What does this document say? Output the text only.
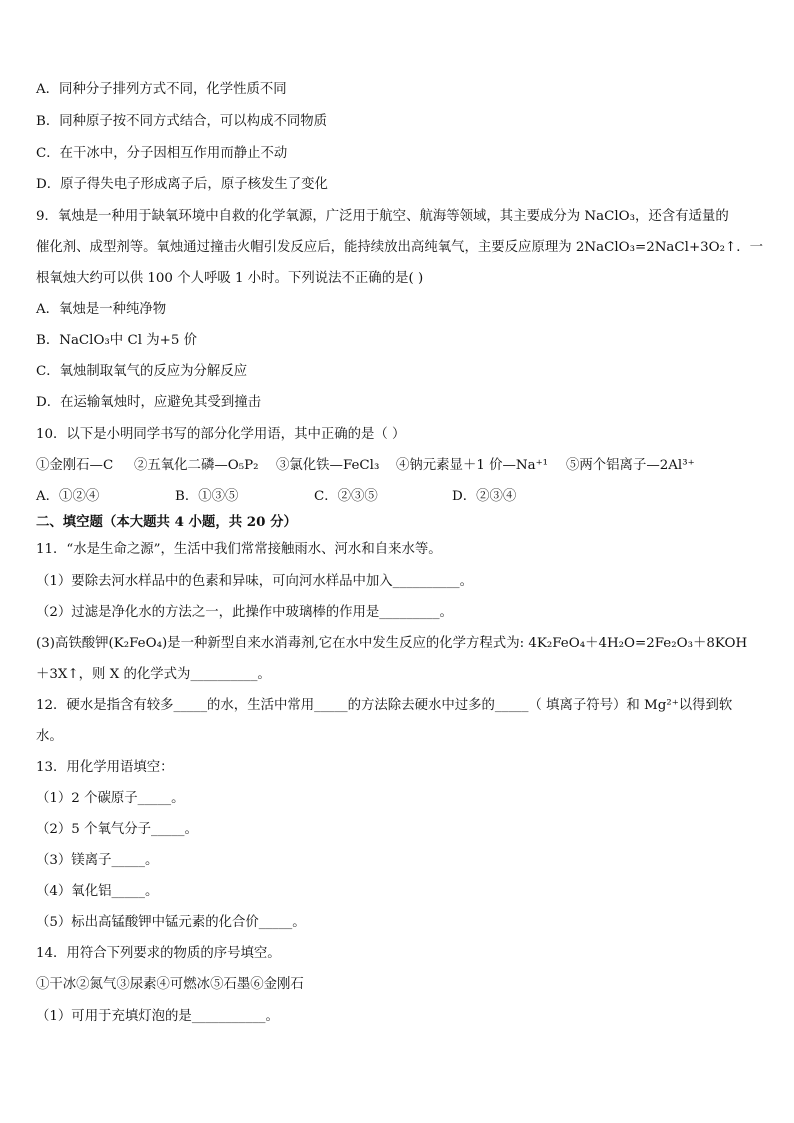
A．同种分子排列方式不同，化学性质不同
B．同种原子按不同方式结合，可以构成不同物质
C．在干冰中，分子因相互作用而静止不动
D．原子得失电子形成离子后，原子核发生了变化
9．氧烛是一种用于缺氧环境中自救的化学氧源，广泛用于航空、航海等领域，其主要成分为 NaClO₃，还含有适量的
催化剂、成型剂等。氧烛通过撞击火帽引发反应后，能持续放出高纯氧气，主要反应原理为 2NaClO₃=2NaCl+3O₂↑．一
根氧烛大约可以供 100 个人呼吸 1 小时。下列说法不正确的是( )
A．氧烛是一种纯净物
B．NaClO₃中 Cl 为+5 价
C．氧烛制取氧气的反应为分解反应
D．在运输氧烛时，应避免其受到撞击
10．以下是小明同学书写的部分化学用语，其中正确的是（ ）
①金刚石—C ②五氧化二磷—O₅P₂ ③氯化铁—FeCl₃ ④钠元素显＋1 价—Na⁺¹ ⑤两个铝离子—2Al³⁺
A．①②④	B．①③⑤	C．②③⑤	D．②③④
二、填空题（本大题共 4 小题，共 20 分）
11．“水是生命之源”，生活中我们常常接触雨水、河水和自来水等。
（1）要除去河水样品中的色素和异味，可向河水样品中加入__________。
（2）过滤是净化水的方法之一，此操作中玻璃棒的作用是_________。
(3)高铁酸钾(K₂FeO₄)是一种新型自来水消毒剂,它在水中发生反应的化学方程式为: 4K₂FeO₄＋4H₂O=2Fe₂O₃＋8KOH
＋3X↑，则 X 的化学式为__________。
12．硬水是指含有较多_____的水，生活中常用_____的方法除去硬水中过多的_____（ 填离子符号）和 Mg²⁺以得到软
水。
13．用化学用语填空：
（1）2 个碳原子_____。
（2）5 个氧气分子_____。
（3）镁离子_____。
（4）氧化铝_____。
（5）标出高锰酸钾中锰元素的化合价_____。
14．用符合下列要求的物质的序号填空。
①干冰②氮气③尿素④可燃冰⑤石墨⑥金刚石
（1）可用于充填灯泡的是___________。
